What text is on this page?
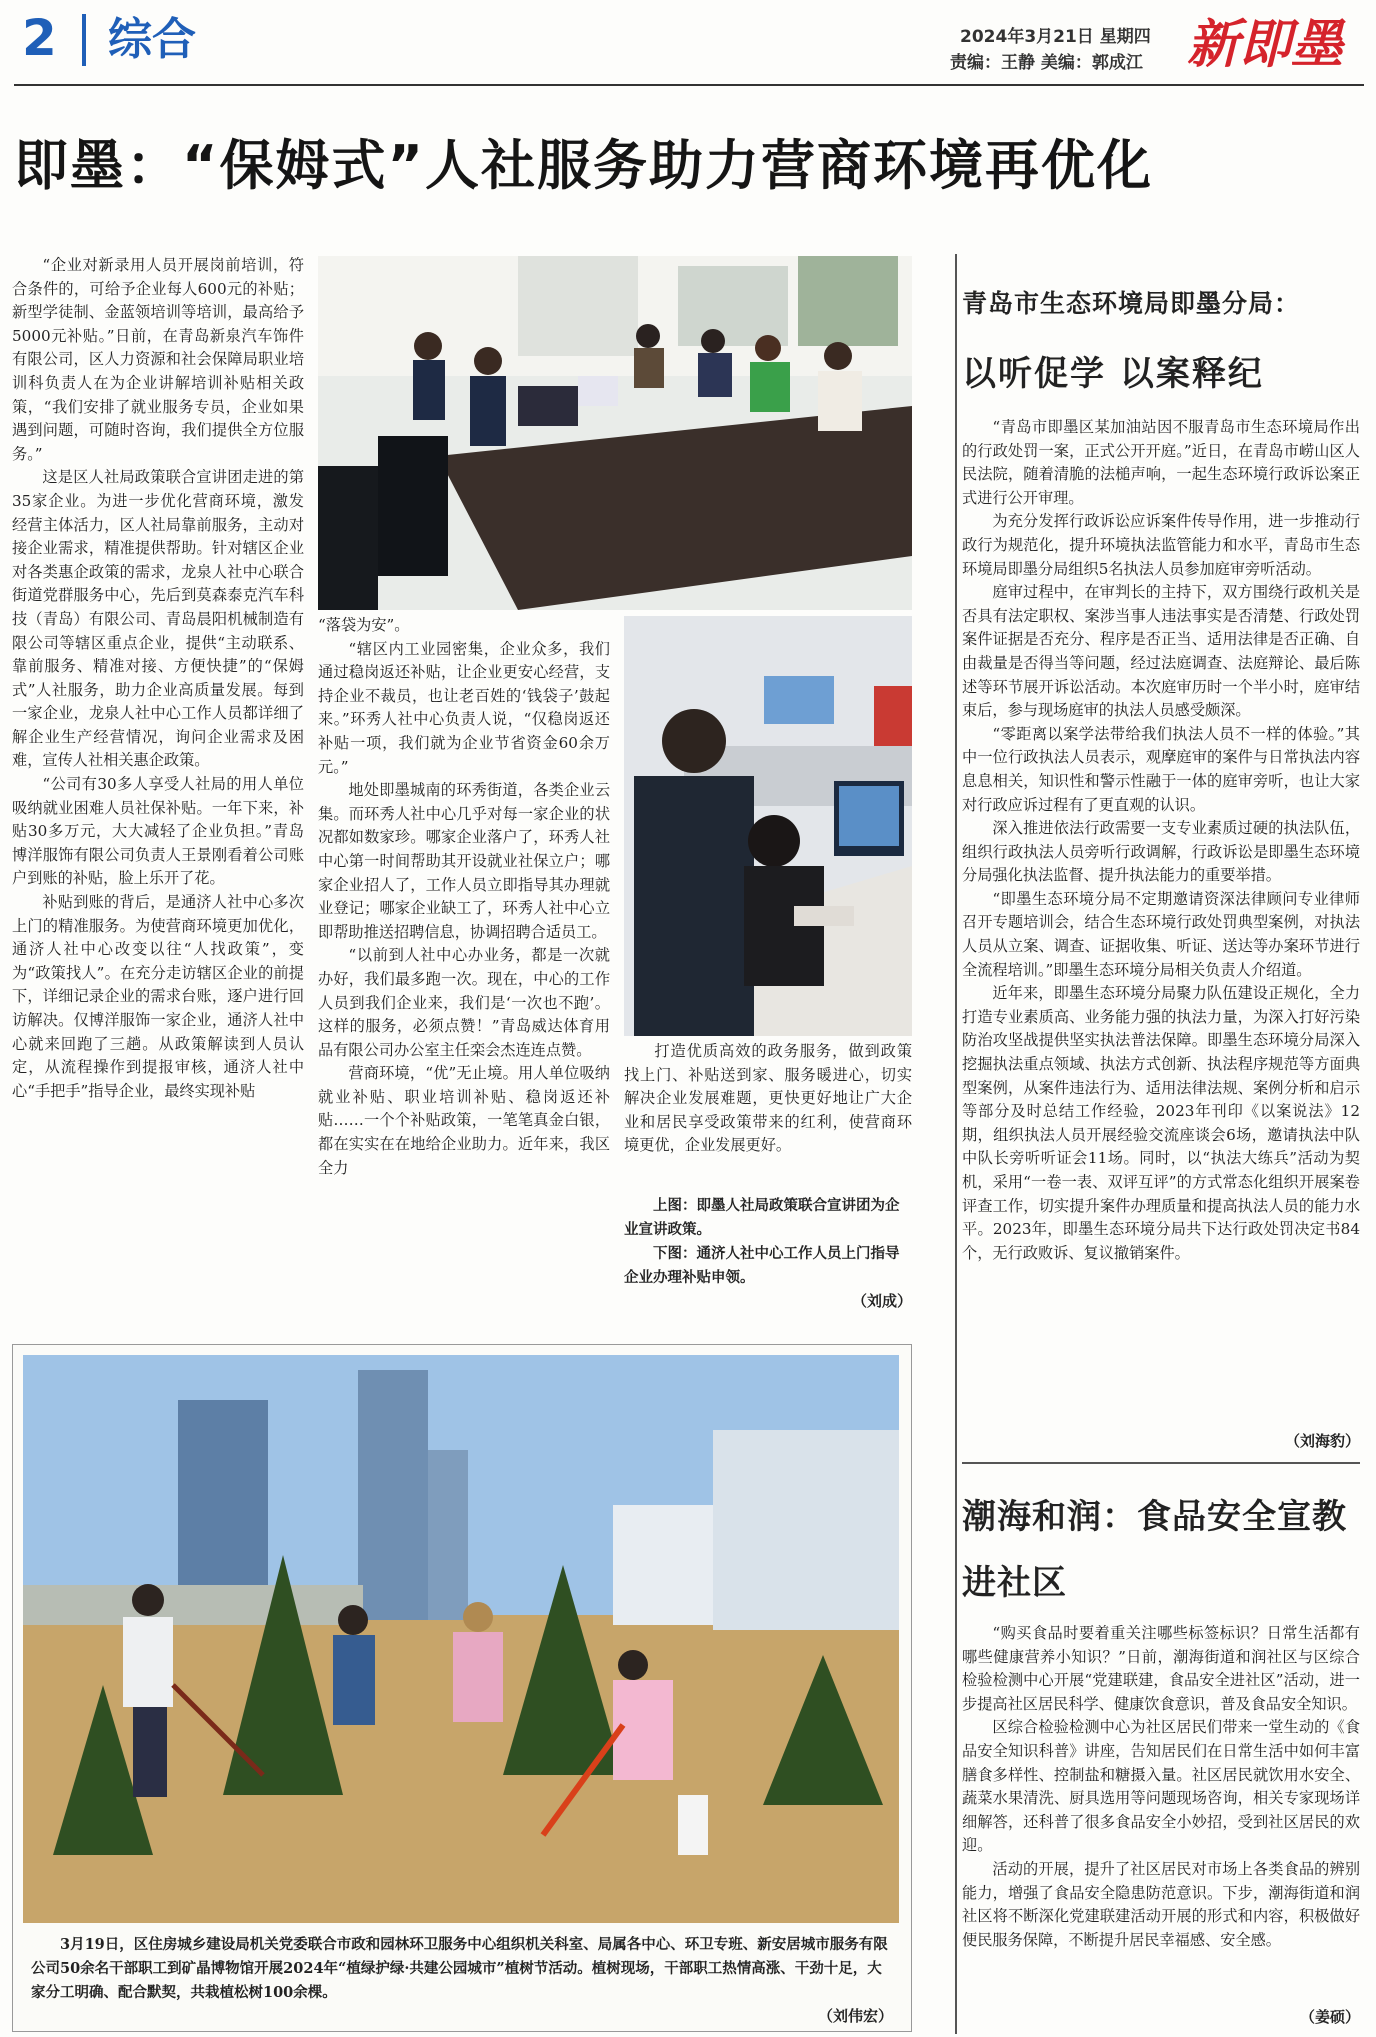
2 综合	2024年3月21日 星期四
责编：王静 美编：郭成江 新即墨
即墨：“保姆式”人社服务助力营商环境再优化

“企业对新录用人员开展岗前培训，符合条件的，可给予企业每人600元的补贴；新型学徒制、金蓝领培训等培训，最高给予5000元补贴。”日前，在青岛新泉汽车饰件有限公司，区人力资源和社会保障局职业培训科负责人在为企业讲解培训补贴相关政策，“我们安排了就业服务专员，企业如果遇到问题，可随时咨询，我们提供全方位服务。”

这是区人社局政策联合宣讲团走进的第35家企业。为进一步优化营商环境，激发经营主体活力，区人社局靠前服务，主动对接企业需求，精准提供帮助。针对辖区企业对各类惠企政策的需求，龙泉人社中心联合街道党群服务中心，先后到莫森泰克汽车科技（青岛）有限公司、青岛晨阳机械制造有限公司等辖区重点企业，提供“主动联系、靠前服务、精准对接、方便快捷”的“保姆式”人社服务，助力企业高质量发展。每到一家企业，龙泉人社中心工作人员都详细了解企业生产经营情况，询问企业需求及困难，宣传人社相关惠企政策。

“公司有30多人享受人社局的用人单位吸纳就业困难人员社保补贴。一年下来，补贴30多万元，大大减轻了企业负担。”青岛博洋服饰有限公司负责人王景刚看着公司账户到账的补贴，脸上乐开了花。

补贴到账的背后，是通济人社中心多次上门的精准服务。为使营商环境更加优化，通济人社中心改变以往“人找政策”，变为“政策找人”。在充分走访辖区企业的前提下，详细记录企业的需求台账，逐户进行回访解决。仅博洋服饰一家企业，通济人社中心就来回跑了三趟。从政策解读到人员认定，从流程操作到提报审核，通济人社中心“手把手”指导企业，最终实现补贴

“落袋为安”。

“辖区内工业园密集，企业众多，我们通过稳岗返还补贴，让企业更安心经营，支持企业不裁员，也让老百姓的‘钱袋子’鼓起来。”环秀人社中心负责人说，“仅稳岗返还补贴一项，我们就为企业节省资金60余万元。”

地处即墨城南的环秀街道，各类企业云集。而环秀人社中心几乎对每一家企业的状况都如数家珍。哪家企业落户了，环秀人社中心第一时间帮助其开设就业社保立户；哪家企业招人了，工作人员立即指导其办理就业登记；哪家企业缺工了，环秀人社中心立即帮助推送招聘信息，协调招聘合适员工。

“以前到人社中心办业务，都是一次就办好，我们最多跑一次。现在，中心的工作人员到我们企业来，我们是‘一次也不跑’。这样的服务，必须点赞！”青岛威达体育用品有限公司办公室主任栾会杰连连点赞。

营商环境，“优”无止境。用人单位吸纳就业补贴、职业培训补贴、稳岗返还补贴……一个个补贴政策，一笔笔真金白银，都在实实在在地给企业助力。近年来，我区全力

打造优质高效的政务服务，做到政策找上门、补贴送到家、服务暖进心，切实解决企业发展难题，更快更好地让广大企业和居民享受政策带来的红利，使营商环境更优，企业发展更好。

上图：即墨人社局政策联合宣讲团为企业宣讲政策。
下图：通济人社中心工作人员上门指导企业办理补贴申领。
（刘成）
3月19日，区住房城乡建设局机关党委联合市政和园林环卫服务中心组织机关科室、局属各中心、环卫专班、新安居城市服务有限公司50余名干部职工到矿晶博物馆开展2024年“植绿护绿·共建公园城市”植树节活动。植树现场，干部职工热情高涨、干劲十足，大家分工明确、配合默契，共栽植松树100余棵。
（刘伟宏）
青岛市生态环境局即墨分局：
以听促学 以案释纪

“青岛市即墨区某加油站因不服青岛市生态环境局作出的行政处罚一案，正式公开开庭。”近日，在青岛市崂山区人民法院，随着清脆的法槌声响，一起生态环境行政诉讼案正式进行公开审理。

为充分发挥行政诉讼应诉案件传导作用，进一步推动行政行为规范化，提升环境执法监管能力和水平，青岛市生态环境局即墨分局组织5名执法人员参加庭审旁听活动。

庭审过程中，在审判长的主持下，双方围绕行政机关是否具有法定职权、案涉当事人违法事实是否清楚、行政处罚案件证据是否充分、程序是否正当、适用法律是否正确、自由裁量是否得当等问题，经过法庭调查、法庭辩论、最后陈述等环节展开诉讼活动。本次庭审历时一个半小时，庭审结束后，参与现场庭审的执法人员感受颇深。

“零距离以案学法带给我们执法人员不一样的体验。”其中一位行政执法人员表示，观摩庭审的案件与日常执法内容息息相关，知识性和警示性融于一体的庭审旁听，也让大家对行政应诉过程有了更直观的认识。

深入推进依法行政需要一支专业素质过硬的执法队伍，组织行政执法人员旁听行政调解，行政诉讼是即墨生态环境分局强化执法监督、提升执法能力的重要举措。

“即墨生态环境分局不定期邀请资深法律顾问专业律师召开专题培训会，结合生态环境行政处罚典型案例，对执法人员从立案、调查、证据收集、听证、送达等办案环节进行全流程培训。”即墨生态环境分局相关负责人介绍道。

近年来，即墨生态环境分局聚力队伍建设正规化，全力打造专业素质高、业务能力强的执法力量，为深入打好污染防治攻坚战提供坚实执法普法保障。即墨生态环境分局深入挖掘执法重点领域、执法方式创新、执法程序规范等方面典型案例，从案件违法行为、适用法律法规、案例分析和启示等部分及时总结工作经验，2023年刊印《以案说法》12期，组织执法人员开展经验交流座谈会6场，邀请执法中队中队长旁听听证会11场。同时，以“执法大练兵”活动为契机，采用“一卷一表、双评互评”的方式常态化组织开展案卷评查工作，切实提升案件办理质量和提高执法人员的能力水平。2023年，即墨生态环境分局共下达行政处罚决定书84个，无行政败诉、复议撤销案件。

（刘海豹）
潮海和润：食品安全宣教进社区

“购买食品时要着重关注哪些标签标识？日常生活都有哪些健康营养小知识？”日前，潮海街道和润社区与区综合检验检测中心开展“党建联建，食品安全进社区”活动，进一步提高社区居民科学、健康饮食意识，普及食品安全知识。

区综合检验检测中心为社区居民们带来一堂生动的《食品安全知识科普》讲座，告知居民们在日常生活中如何丰富膳食多样性、控制盐和糖摄入量。社区居民就饮用水安全、蔬菜水果清洗、厨具选用等问题现场咨询，相关专家现场详细解答，还科普了很多食品安全小妙招，受到社区居民的欢迎。

活动的开展，提升了社区居民对市场上各类食品的辨别能力，增强了食品安全隐患防范意识。下步，潮海街道和润社区将不断深化党建联建活动开展的形式和内容，积极做好便民服务保障，不断提升居民幸福感、安全感。

（姜硕）
